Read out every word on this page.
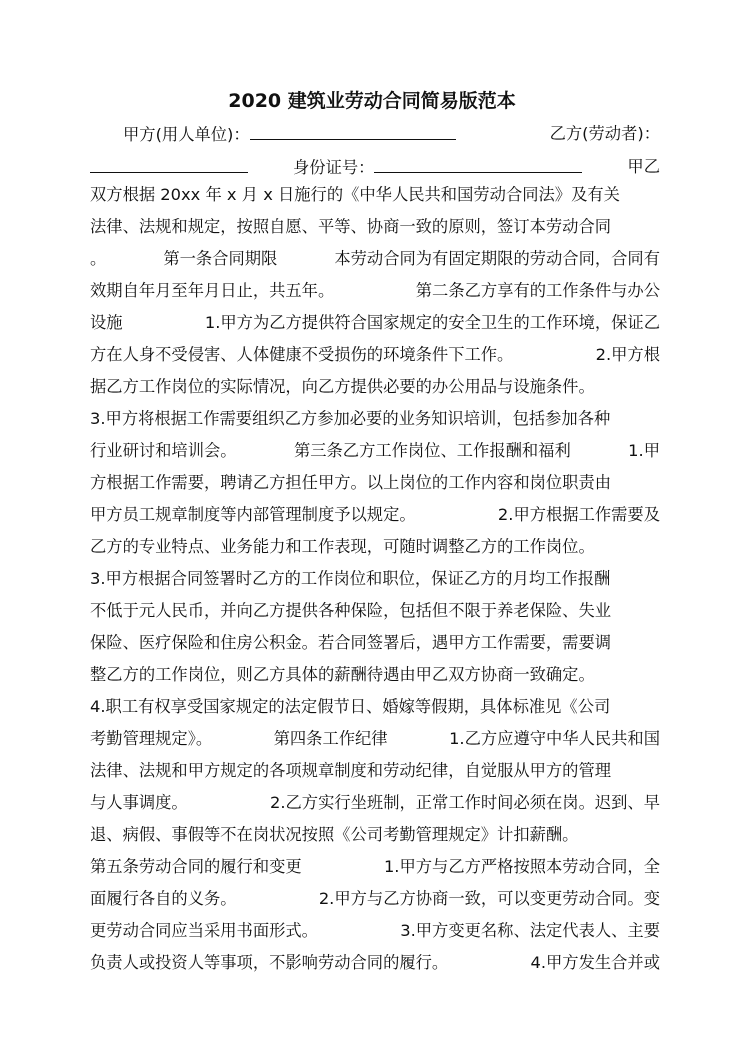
2020 建筑业劳动合同简易版范本
甲方(用人单位)：	乙方(劳动者)：
身份证号：	甲乙
双方根据 20xx 年 x 月 x 日施行的《中华人民共和国劳动合同法》及有关
法律、法规和规定，按照自愿、平等、协商一致的原则，签订本劳动合同
。	第一条合同期限	本劳动合同为有固定期限的劳动合同，合同有
效期自年月至年月日止，共五年。	第二条乙方享有的工作条件与办公
设施	1.甲方为乙方提供符合国家规定的安全卫生的工作环境，保证乙
方在人身不受侵害、人体健康不受损伤的环境条件下工作。	2.甲方根
据乙方工作岗位的实际情况，向乙方提供必要的办公用品与设施条件。
3.甲方将根据工作需要组织乙方参加必要的业务知识培训，包括参加各种
行业研讨和培训会。	第三条乙方工作岗位、工作报酬和福利	1.甲
方根据工作需要，聘请乙方担任甲方。以上岗位的工作内容和岗位职责由
甲方员工规章制度等内部管理制度予以规定。	2.甲方根据工作需要及
乙方的专业特点、业务能力和工作表现，可随时调整乙方的工作岗位。
3.甲方根据合同签署时乙方的工作岗位和职位，保证乙方的月均工作报酬
不低于元人民币，并向乙方提供各种保险，包括但不限于养老保险、失业
保险、医疗保险和住房公积金。若合同签署后，遇甲方工作需要，需要调
整乙方的工作岗位，则乙方具体的薪酬待遇由甲乙双方协商一致确定。
4.职工有权享受国家规定的法定假节日、婚嫁等假期，具体标准见《公司
考勤管理规定》。	第四条工作纪律	1.乙方应遵守中华人民共和国
法律、法规和甲方规定的各项规章制度和劳动纪律，自觉服从甲方的管理
与人事调度。	2.乙方实行坐班制，正常工作时间必须在岗。迟到、早
退、病假、事假等不在岗状况按照《公司考勤管理规定》计扣薪酬。
第五条劳动合同的履行和变更	1.甲方与乙方严格按照本劳动合同，全
面履行各自的义务。	2.甲方与乙方协商一致，可以变更劳动合同。变
更劳动合同应当采用书面形式。	3.甲方变更名称、法定代表人、主要
负责人或投资人等事项，不影响劳动合同的履行。	4.甲方发生合并或
